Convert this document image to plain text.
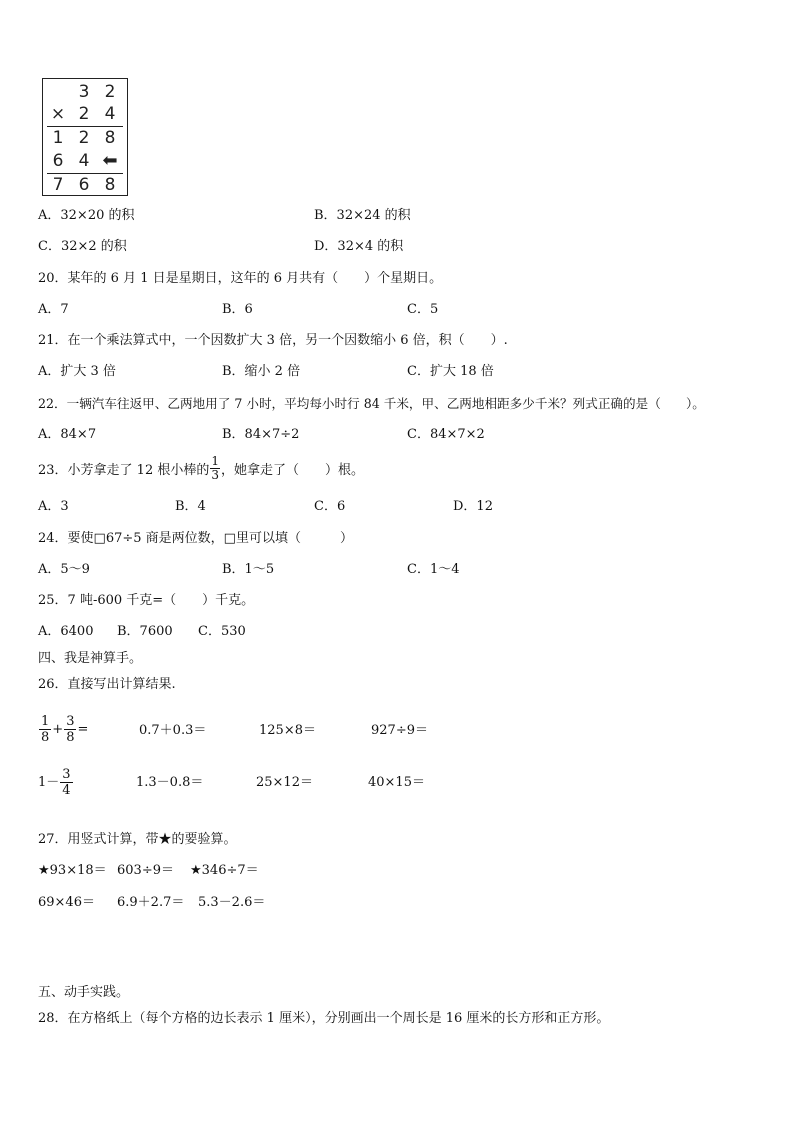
3 2
× 2 4
1 2 8
6 4 ⬅
7 6 8
A．32×20 的积	B．32×24 的积
C．32×2 的积	D．32×4 的积
20．某年的 6 月 1 日是星期日，这年的 6 月共有（　　）个星期日。
A．7	B．6	C．5
21．在一个乘法算式中，一个因数扩大 3 倍，另一个因数缩小 6 倍，积（　　）.
A．扩大 3 倍	B．缩小 2 倍	C．扩大 18 倍
22．一辆汽车往返甲、乙两地用了 7 小时，平均每小时行 84 千米，甲、乙两地相距多少千米？列式正确的是（　　）。
A．84×7	B．84×7÷2	C．84×7×2
23．小芳拿走了 12 根小棒的 $\frac{1}{3}$ ，她拿走了（　　）根。
A．3	B．4	C．6	D．12
24．要使□67÷5 商是两位数，□里可以填（　　　）
A．5～9	B．1～5	C．1～4
25．7 吨-600 千克=（　　）千克。
A．6400 B．7600 C．530
四、我是神算手。
26．直接写出计算结果.
$\frac{1}{8} + \frac{3}{8}$ =	0.7＋0.3＝	125×8＝	927÷9＝
$1- \frac{3}{4}$	1.3－0.8＝	25×12＝	40×15＝
27．用竖式计算，带★的要验算。
★93×18＝ 603÷9＝ ★346÷7＝
69×46＝ 6.9＋2.7＝ 5.3－2.6＝
五、动手实践。
28．在方格纸上（每个方格的边长表示 1 厘米），分别画出一个周长是 16 厘米的长方形和正方形。
